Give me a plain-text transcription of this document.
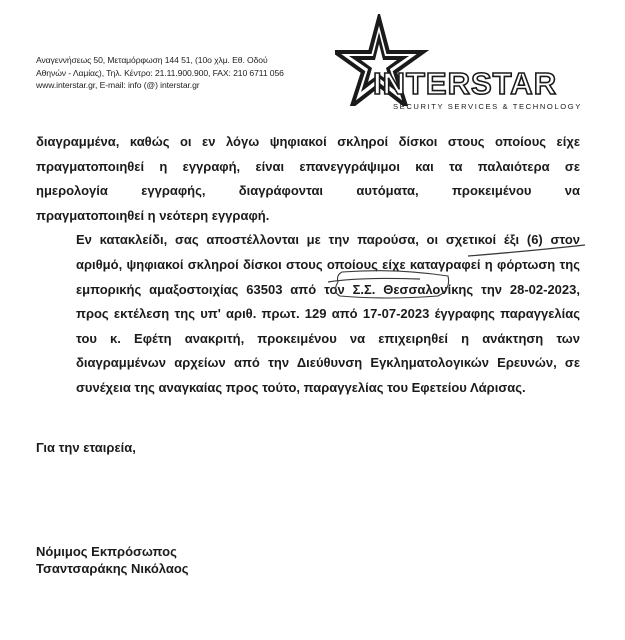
Αναγεννήσεως 50, Μεταμόρφωση 144 51, (10ο χλμ. Εθ. Οδού
Αθηνών - Λαμίας), Τηλ. Κέντρο: 21.11.900.900, FAX: 210 6711 056
www.interstar.gr, E-mail: info (@) interstar.gr	INTERSTAR
SECURITY SERVICES & TECHNOLOGY

διαγραμμένα, καθώς οι εν λόγω ψηφιακοί σκληροί δίσκοι στους οποίους είχε
πραγματοποιηθεί η εγγραφή, είναι επανεγγράψιμοι και τα παλαιότερα σε
ημερολογία εγγραφής, διαγράφονται αυτόματα, προκειμένου να
πραγματοποιηθεί η νεότερη εγγραφή.

Εν κατακλείδι, σας αποστέλλονται με την παρούσα, οι σχετικοί έξι (6) στον
αριθμό, ψηφιακοί σκληροί δίσκοι στους οποίους είχε καταγραφεί η φόρτωση της
εμπορικής αμαξοστοιχίας 63503 από τον Σ.Σ. Θεσσαλονίκης την 28-02-2023,
προς εκτέλεση της υπ' αριθ. πρωτ. 129 από 17-07-2023 έγγραφης παραγγελίας
του κ. Εφέτη ανακριτή, προκειμένου να επιχειρηθεί η ανάκτηση των
διαγραμμένων αρχείων από την Διεύθυνση Εγκληματολογικών Ερευνών, σε
συνέχεια της αναγκαίας προς τούτο, παραγγελίας του Εφετείου Λάρισας.

Για την εταιρεία,
Νόμιμος Εκπρόσωπος
Τσαντσαράκης Νικόλαος
